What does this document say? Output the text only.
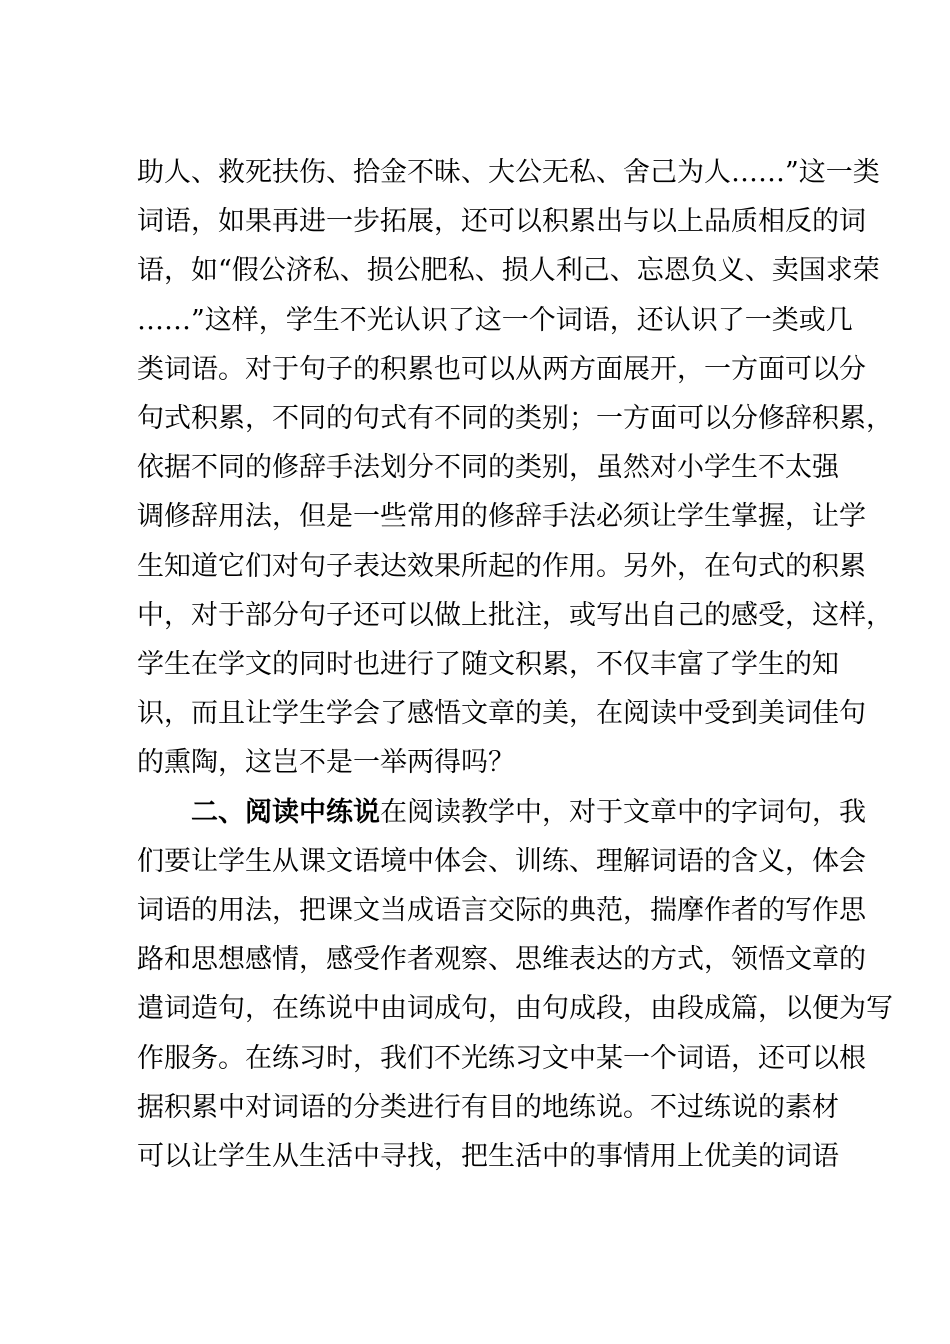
助人、救死扶伤、拾金不昧、大公无私、舍己为人……”这一类
词语，如果再进一步拓展，还可以积累出与以上品质相反的词
语，如“假公济私、损公肥私、损人利己、忘恩负义、卖国求荣
……”这样，学生不光认识了这一个词语，还认识了一类或几
类词语。对于句子的积累也可以从两方面展开，一方面可以分
句式积累，不同的句式有不同的类别；一方面可以分修辞积累，
依据不同的修辞手法划分不同的类别，虽然对小学生不太强
调修辞用法，但是一些常用的修辞手法必须让学生掌握，让学
生知道它们对句子表达效果所起的作用。另外，在句式的积累
中，对于部分句子还可以做上批注，或写出自己的感受，这样，
学生在学文的同时也进行了随文积累，不仅丰富了学生的知
识，而且让学生学会了感悟文章的美，在阅读中受到美词佳句
的熏陶，这岂不是一举两得吗？
二、阅读中练说在阅读教学中，对于文章中的字词句，我
们要让学生从课文语境中体会、训练、理解词语的含义，体会
词语的用法，把课文当成语言交际的典范，揣摩作者的写作思
路和思想感情，感受作者观察、思维表达的方式，领悟文章的
遣词造句，在练说中由词成句，由句成段，由段成篇，以便为写
作服务。在练习时，我们不光练习文中某一个词语，还可以根
据积累中对词语的分类进行有目的地练说。不过练说的素材
可以让学生从生活中寻找，把生活中的事情用上优美的词语
